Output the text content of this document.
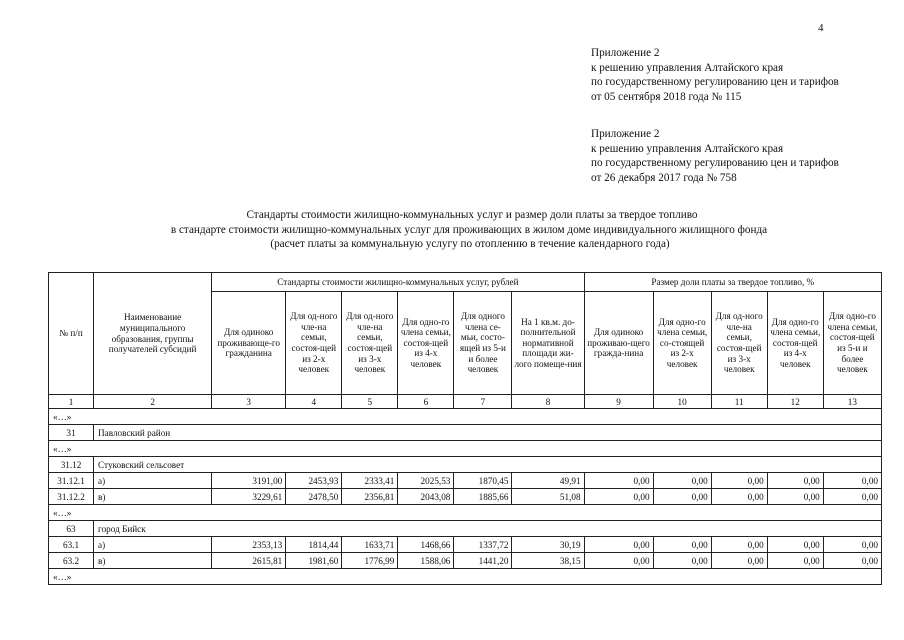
4
Приложение 2
к решению управления Алтайского края
по государственному регулированию цен и тарифов
от 05 сентября 2018 года № 115
Приложение 2
к решению управления Алтайского края
по государственному регулированию цен и тарифов
от 26 декабря 2017 года № 758
Стандарты стоимости жилищно-коммунальных услуг и размер доли платы за твердое топливо
в стандарте стоимости жилищно-коммунальных услуг для проживающих в жилом доме индивидуального жилищного фонда
(расчет платы за коммунальную услугу по отоплению в течение календарного года)
№ п/п	Наименование муниципального образования, группы получателей субсидий	Стандарты стоимости жилищно-коммунальных услуг, рублей						Размер доли платы за твердое топливо, %				
		Для одиноко проживающе-го гражданина	Для од-ного чле-на семьи, состоя-щей из 2-х человек	Для од-ного чле-на семьи, состоя-щей из 3-х человек	Для одно-го члена семьи, состоя-щей из 4-х человек	Для одного члена се-мьи, состо-ящей из 5-и и более человек	На 1 кв.м. до-полнительной нормативной площади жи-лого помеще-ния	Для одиноко проживаю-щего гражда-нина	Для одно-го члена семьи, со-стоящей из 2-х человек	Для од-ного чле-на семьи, состоя-щей из 3-х человек	Для одно-го члена семьи, состоя-щей из 4-х человек	Для одно-го члена семьи, состоя-щей из 5-и и более человек
1	2	3	4	5	6	7	8	9	10	11	12	13
«…»												
31	Павловский район											
«…»												
31.12	Стуковский сельсовет											
31.12.1	а)	3191,00	2453,93	2333,41	2025,53	1870,45	49,91	0,00	0,00	0,00	0,00	0,00
31.12.2	в)	3229,61	2478,50	2356,81	2043,08	1885,66	51,08	0,00	0,00	0,00	0,00	0,00
«…»												
63	город Бийск											
63.1	а)	2353,13	1814,44	1633,71	1468,66	1337,72	30,19	0,00	0,00	0,00	0,00	0,00
63.2	в)	2615,81	1981,60	1776,99	1588,06	1441,20	38,15	0,00	0,00	0,00	0,00	0,00
«…»												
